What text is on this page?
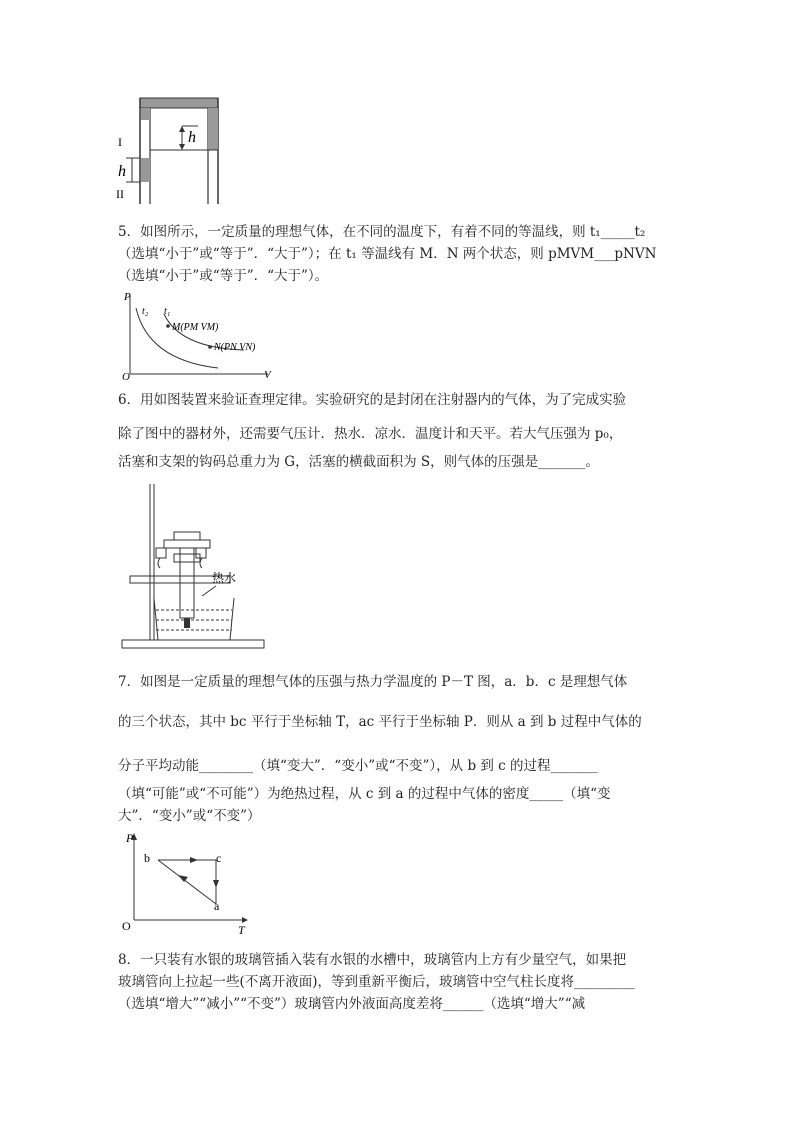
h
h
I
II
5．如图所示，一定质量的理想气体，在不同的温度下，有着不同的等温线，则 t₁_____t₂
（选填“小于”或“等于”．“大于”）；在 t₁ 等温线有 M．N 两个状态，则 pMVM___pNVN
（选填“小于”或“等于”．“大于”）。
P
V
O
t₂ t₁
M(PM VM)
N(PN VN)
6．用如图装置来验证查理定律。实验研究的是封闭在注射器内的气体，为了完成实验
除了图中的器材外，还需要气压计．热水．凉水．温度计和天平。若大气压强为 p₀，
活塞和支架的钩码总重力为 G，活塞的横截面积为 S，则气体的压强是_______。
热水
7．如图是一定质量的理想气体的压强与热力学温度的 P－T 图，a．b．c 是理想气体
的三个状态，其中 bc 平行于坐标轴 T，ac 平行于坐标轴 P．则从 a 到 b 过程中气体的
分子平均动能________（填“变大”．“变小”或“不变”），从 b 到 c 的过程_______
（填“可能”或“不可能”）为绝热过程，从 c 到 a 的过程中气体的密度_____（填“变
大”．“变小”或“不变”）
P
T
O
b	c
a
8．一只装有水银的玻璃管插入装有水银的水槽中，玻璃管内上方有少量空气，如果把
玻璃管向上拉起一些(不离开液面)，等到重新平衡后，玻璃管中空气柱长度将_________
（选填“增大”“减小”“不变”）玻璃管内外液面高度差将______（选填“增大”“减
